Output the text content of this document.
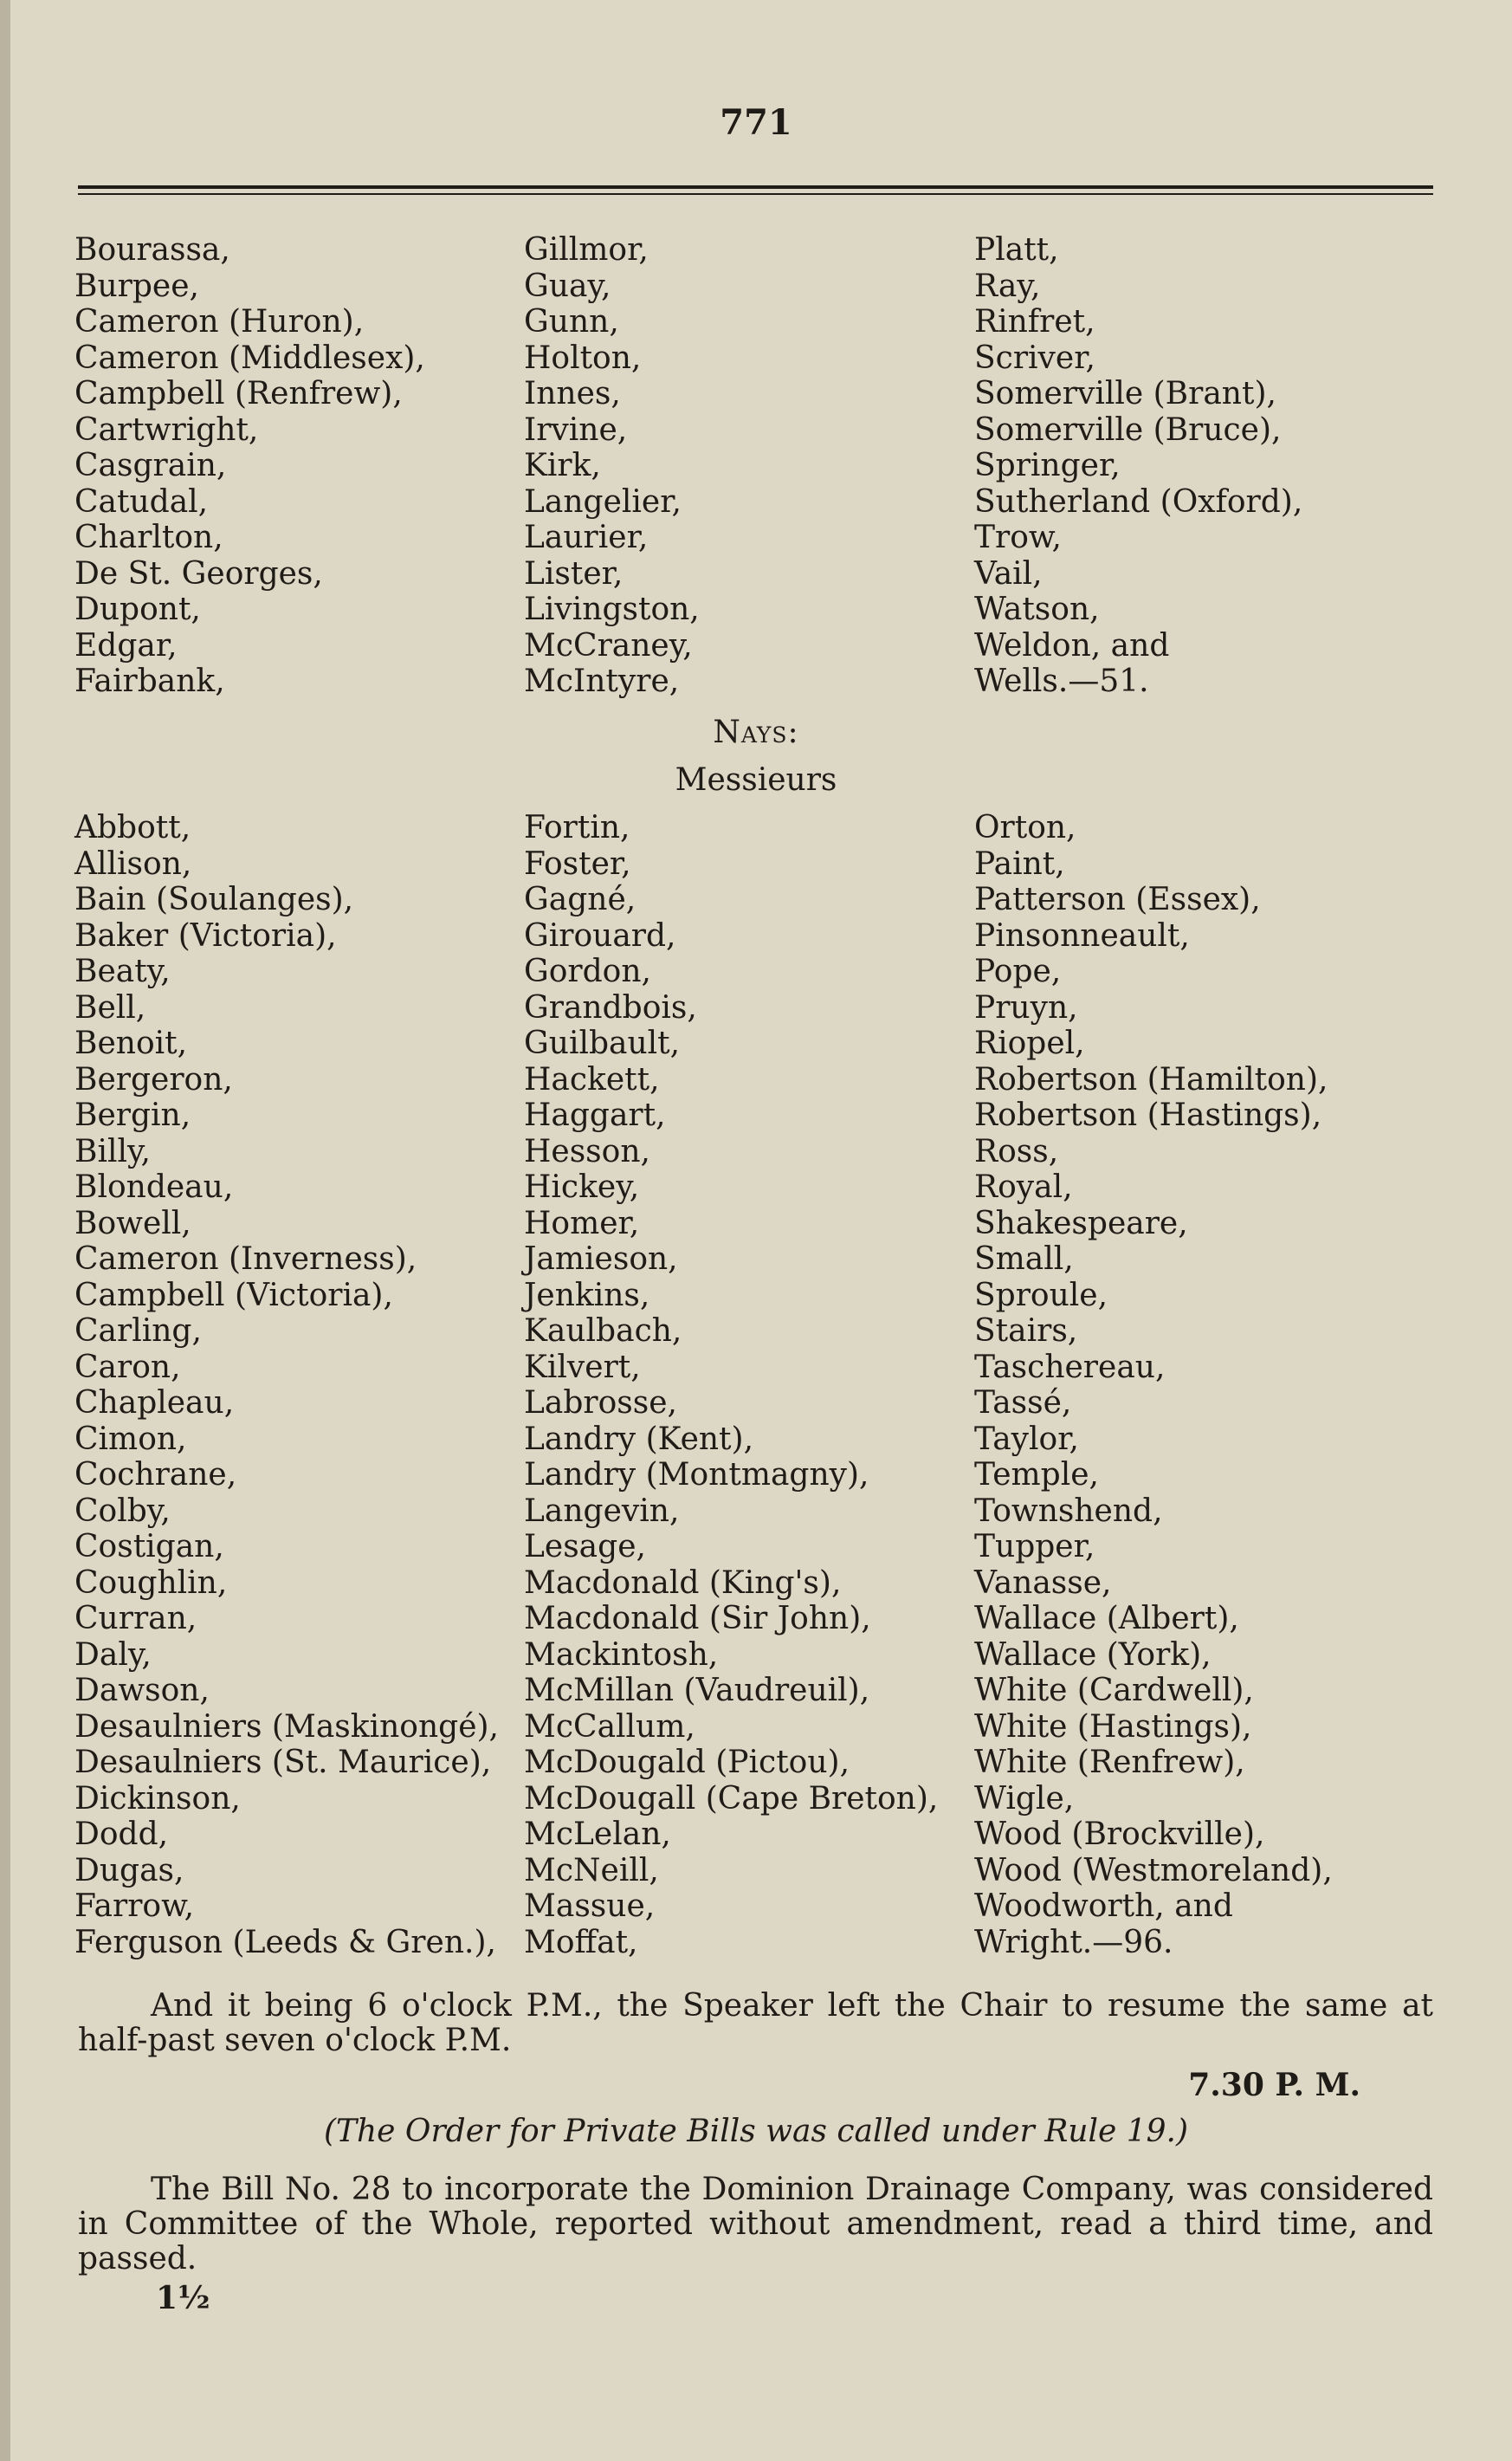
771
Bourassa,
Burpee,
Cameron (Huron),
Cameron (Middlesex),
Campbell (Renfrew),
Cartwright,
Casgrain,
Catudal,
Charlton,
De St. Georges,
Dupont,
Edgar,
Fairbank,
Gillmor,
Guay,
Gunn,
Holton,
Innes,
Irvine,
Kirk,
Langelier,
Laurier,
Lister,
Livingston,
McCraney,
McIntyre,
Platt,
Ray,
Rinfret,
Scriver,
Somerville (Brant),
Somerville (Bruce),
Springer,
Sutherland (Oxford),
Trow,
Vail,
Watson,
Weldon, and
Wells.—51.
Nays:
Messieurs
Abbott,
Allison,
Bain (Soulanges),
Baker (Victoria),
Beaty,
Bell,
Benoit,
Bergeron,
Bergin,
Billy,
Blondeau,
Bowell,
Cameron (Inverness),
Campbell (Victoria),
Carling,
Caron,
Chapleau,
Cimon,
Cochrane,
Colby,
Costigan,
Coughlin,
Curran,
Daly,
Dawson,
Desaulniers (Maskinongé),
Desaulniers (St. Maurice),
Dickinson,
Dodd,
Dugas,
Farrow,
Ferguson (Leeds & Gren.),
Fortin,
Foster,
Gagné,
Girouard,
Gordon,
Grandbois,
Guilbault,
Hackett,
Haggart,
Hesson,
Hickey,
Homer,
Jamieson,
Jenkins,
Kaulbach,
Kilvert,
Labrosse,
Landry (Kent),
Landry (Montmagny),
Langevin,
Lesage,
Macdonald (King's),
Macdonald (Sir John),
Mackintosh,
McMillan (Vaudreuil),
McCallum,
McDougald (Pictou),
McDougall (Cape Breton),
McLelan,
McNeill,
Massue,
Moffat,
Orton,
Paint,
Patterson (Essex),
Pinsonneault,
Pope,
Pruyn,
Riopel,
Robertson (Hamilton),
Robertson (Hastings),
Ross,
Royal,
Shakespeare,
Small,
Sproule,
Stairs,
Taschereau,
Tassé,
Taylor,
Temple,
Townshend,
Tupper,
Vanasse,
Wallace (Albert),
Wallace (York),
White (Cardwell),
White (Hastings),
White (Renfrew),
Wigle,
Wood (Brockville),
Wood (Westmoreland),
Woodworth, and
Wright.—96.
And it being 6 o'clock P.M., the Speaker left the Chair to resume the same at half-past seven o'clock P.M.
7.30 P. M.
(The Order for Private Bills was called under Rule 19.)
The Bill No. 28 to incorporate the Dominion Drainage Company, was considered in Committee of the Whole, reported without amendment, read a third time, and passed.
1½
